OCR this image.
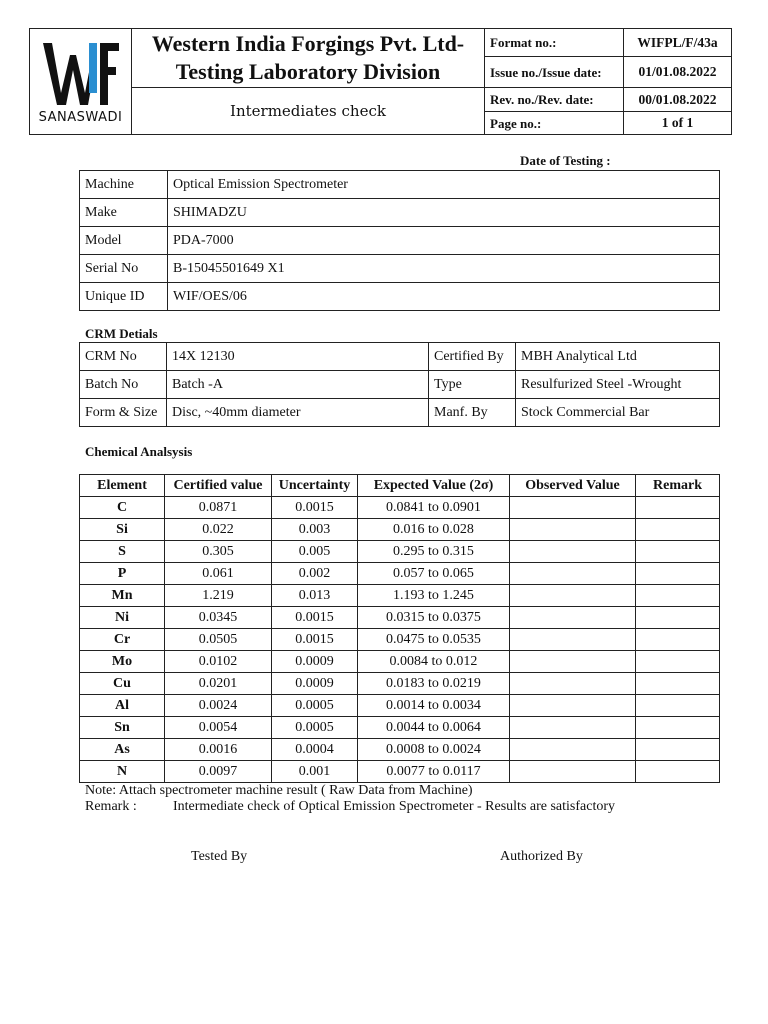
SANASWADI	Western India Forgings Pvt. Ltd-
Testing Laboratory Division	Format no.:	WIFPL/F/43a
		Issue no./Issue date:	01/01.08.2022
	Intermediates check	Rev. no./Rev. date:	00/01.08.2022
		Page no.:	1 of 1
Date of Testing :
Machine	Optical Emission Spectrometer
Make	SHIMADZU
Model	PDA-7000
Serial No	B-15045501649 X1
Unique ID	WIF/OES/06
CRM Detials
CRM No	14X 12130	Certified By	MBH Analytical Ltd
Batch No	Batch -A	Type	Resulfurized Steel -Wrought
Form & Size	Disc, ~40mm diameter	Manf. By	Stock Commercial Bar
Chemical Analsysis
Element	Certified value	Uncertainty	Expected Value (2σ)	Observed Value	Remark
C	0.0871	0.0015	0.0841 to 0.0901		
Si	0.022	0.003	0.016 to 0.028		
S	0.305	0.005	0.295 to 0.315		
P	0.061	0.002	0.057 to 0.065		
Mn	1.219	0.013	1.193 to 1.245		
Ni	0.0345	0.0015	0.0315 to 0.0375		
Cr	0.0505	0.0015	0.0475 to 0.0535		
Mo	0.0102	0.0009	0.0084 to 0.012		
Cu	0.0201	0.0009	0.0183 to 0.0219		
Al	0.0024	0.0005	0.0014 to 0.0034		
Sn	0.0054	0.0005	0.0044 to 0.0064		
As	0.0016	0.0004	0.0008 to 0.0024		
N	0.0097	0.001	0.0077 to 0.0117		
Note: Attach spectrometer machine result ( Raw Data from Machine)
Remark :	Intermediate check of Optical Emission Spectrometer - Results are satisfactory
Tested By	Authorized By
